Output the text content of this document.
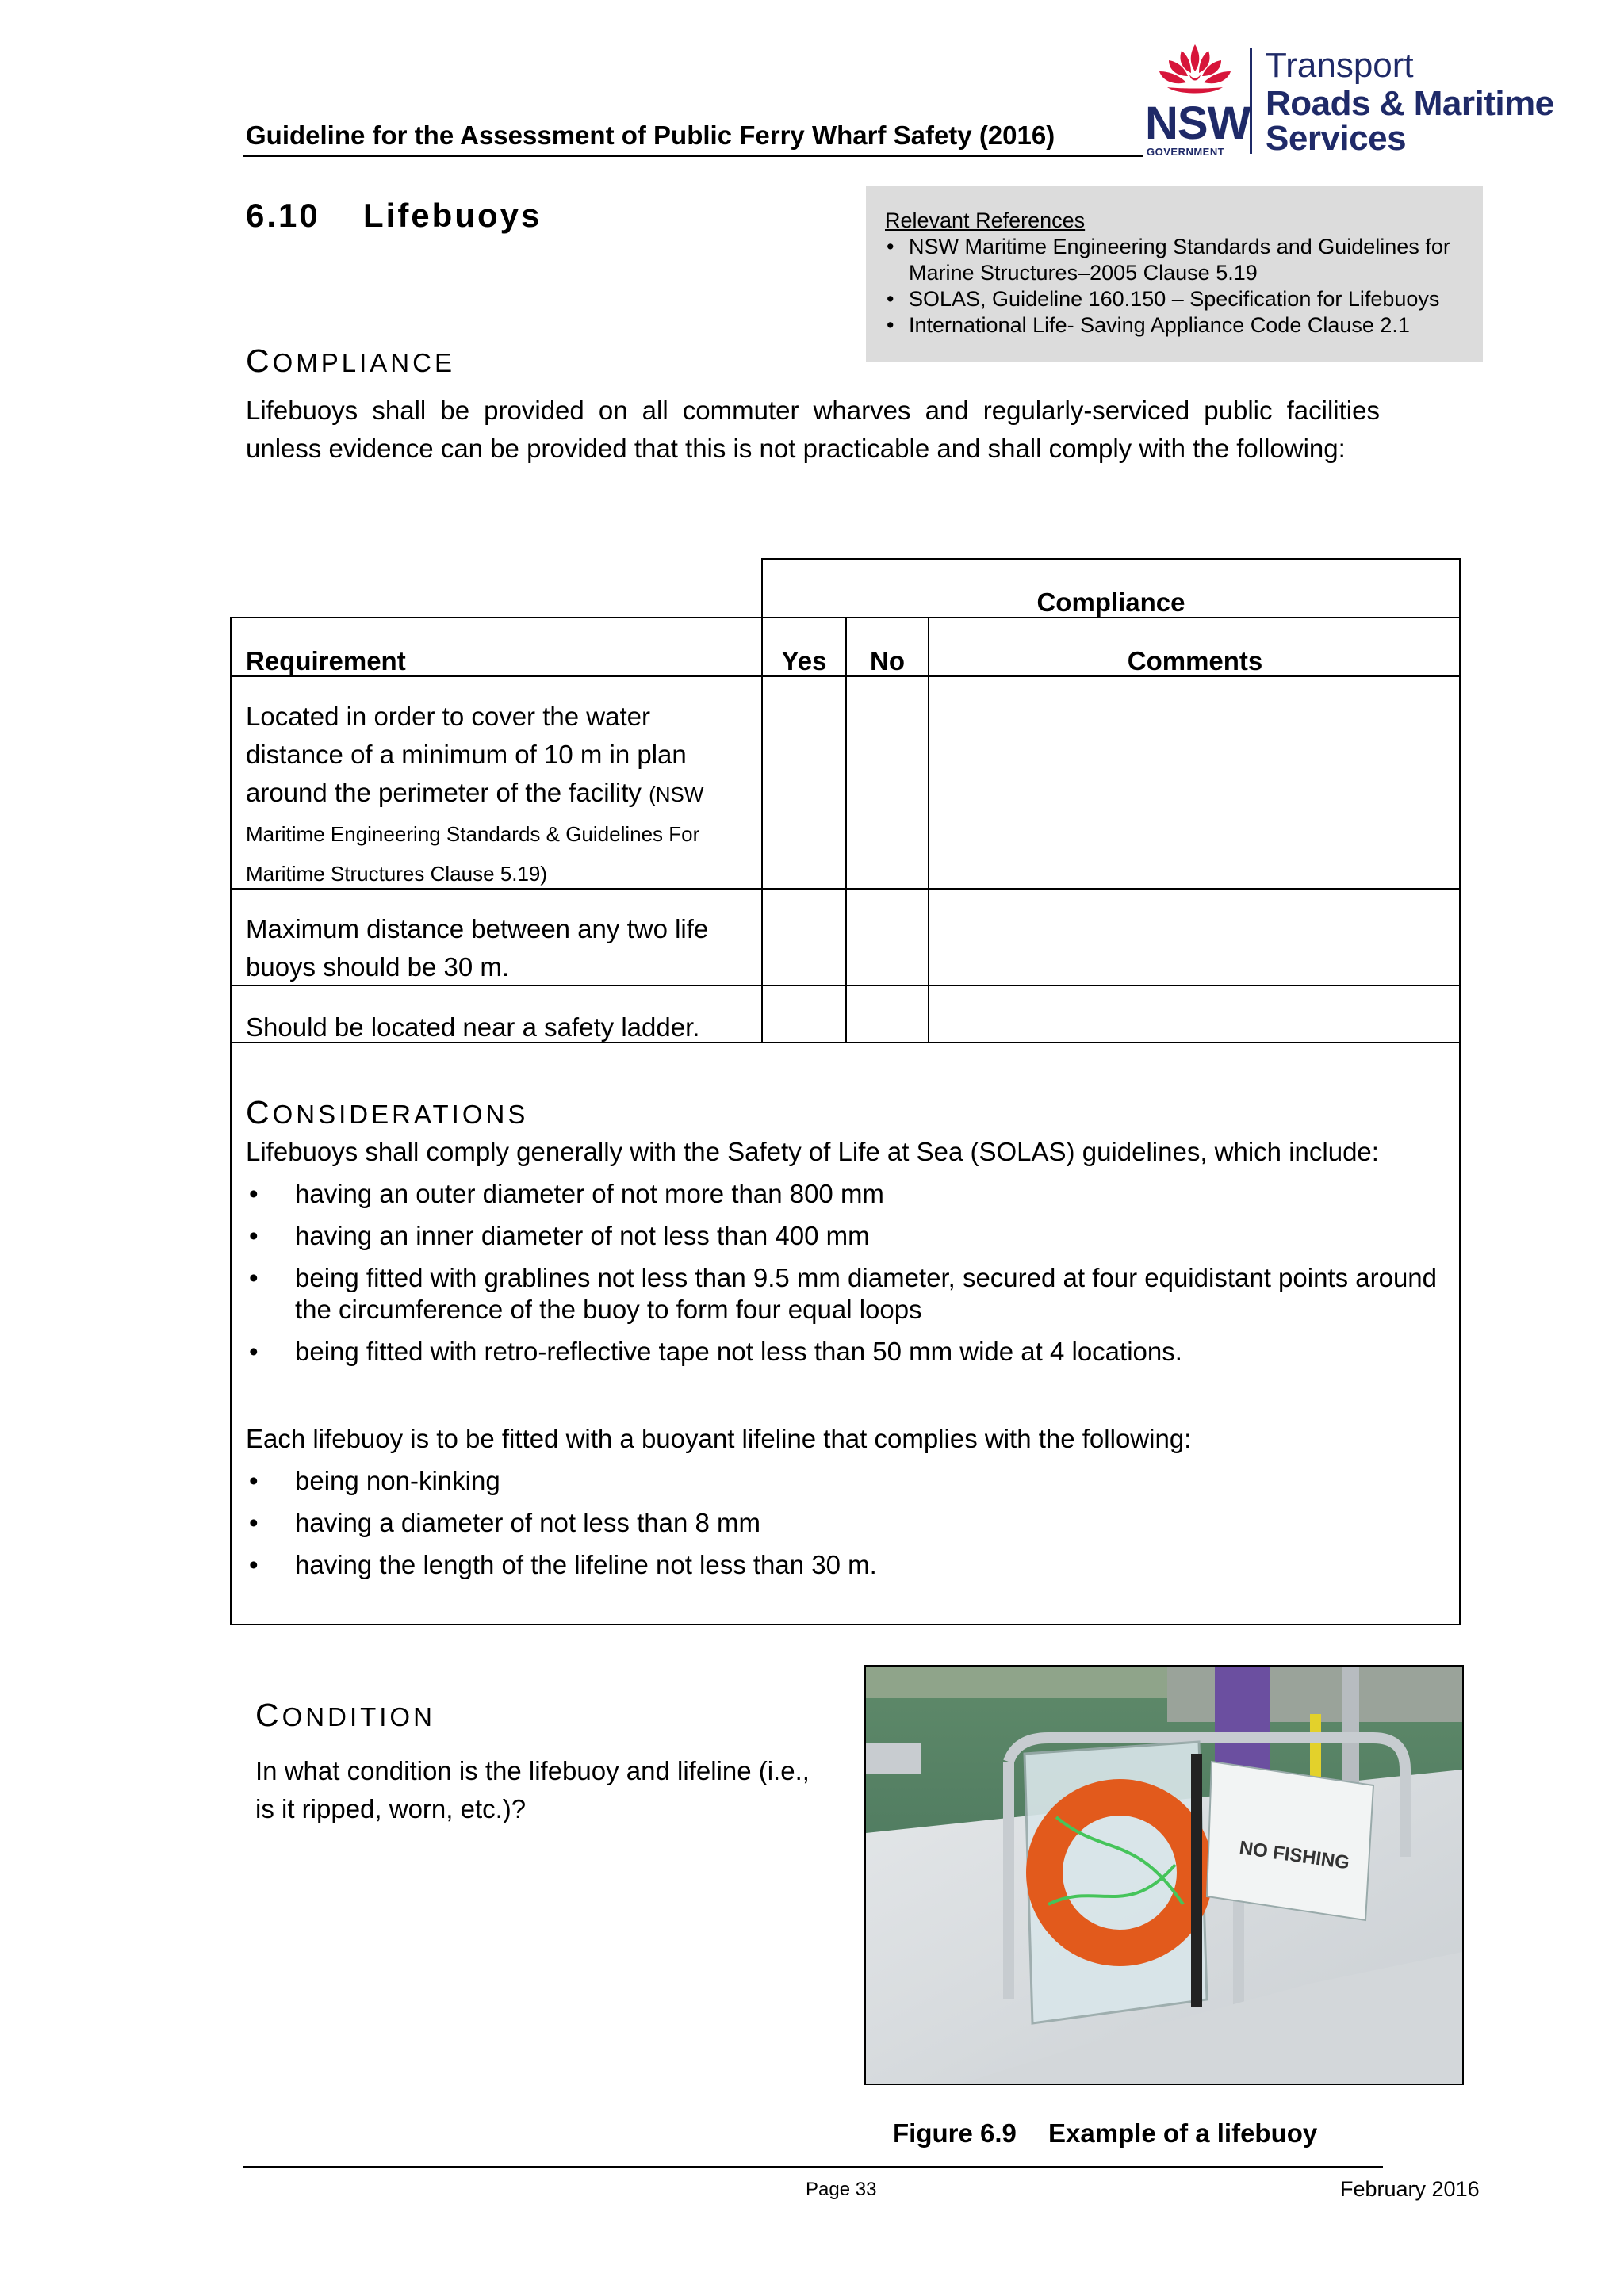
Guideline for the Assessment of Public Ferry Wharf Safety (2016) NSW
GOVERNMENT
Transport
Roads & Maritime
Services
6.10 Lifebuoys	Relevant References
• NSW Maritime Engineering Standards and Guidelines for
Marine Structures–2005 Clause 5.19
• SOLAS, Guideline 160.150 – Specification for Lifebuoys
• International Life- Saving Appliance Code Clause 2.1
COMPLIANCE
Lifebuoys shall be provided on all commuter wharves and regularly-serviced public facilities unless evidence can be provided that this is not practicable and shall comply with the following:
Compliance
Requirement	Yes	No	Comments
Located in order to cover the water distance of a minimum of 10 m in plan around the perimeter of the facility (NSW Maritime Engineering Standards & Guidelines For Maritime Structures Clause 5.19)
Maximum distance between any two life buoys should be 30 m.
Should be located near a safety ladder.
CONSIDERATIONS
Lifebuoys shall comply generally with the Safety of Life at Sea (SOLAS) guidelines, which include:
• having an outer diameter of not more than 800 mm
• having an inner diameter of not less than 400 mm
• being fitted with grablines not less than 9.5 mm diameter, secured at four equidistant points around the circumference of the buoy to form four equal loops
• being fitted with retro-reflective tape not less than 50 mm wide at 4 locations.
Each lifebuoy is to be fitted with a buoyant lifeline that complies with the following:
• being non-kinking
• having a diameter of not less than 8 mm
• having the length of the lifeline not less than 30 m.
CONDITION
In what condition is the lifebuoy and lifeline (i.e., is it ripped, worn, etc.)?
NO FISHING
Figure 6.9 Example of a lifebuoy
Page 33	February 2016
